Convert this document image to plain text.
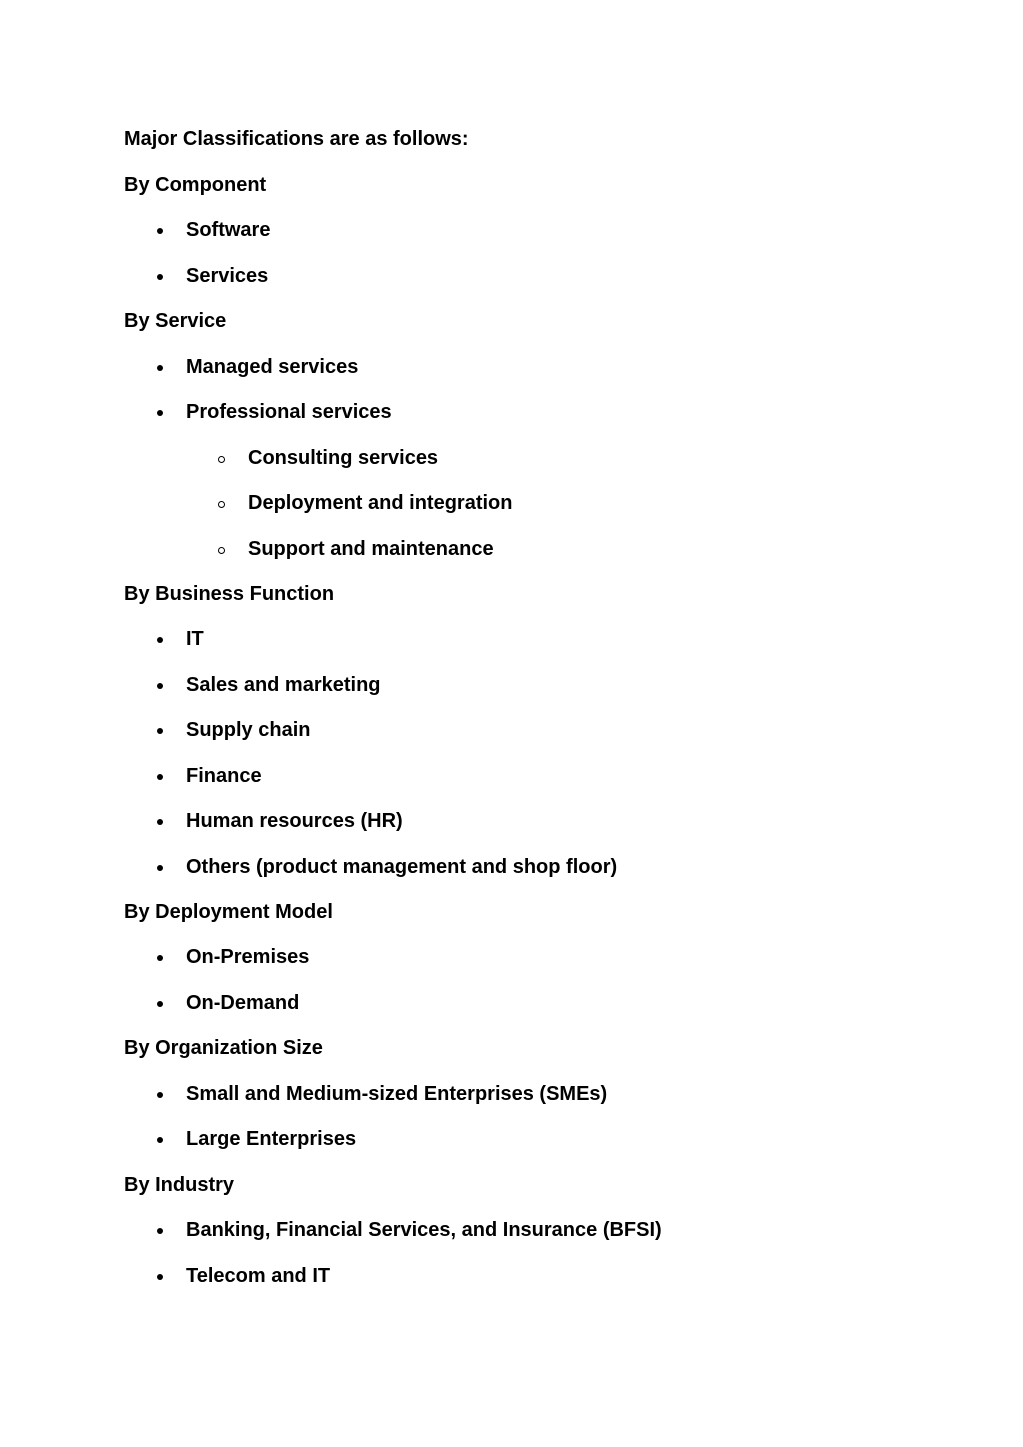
Major Classifications are as follows:
By Component
Software
Services
By Service
Managed services
Professional services
Consulting services
Deployment and integration
Support and maintenance
By Business Function
IT
Sales and marketing
Supply chain
Finance
Human resources (HR)
Others (product management and shop floor)
By Deployment Model
On-Premises
On-Demand
By Organization Size
Small and Medium-sized Enterprises (SMEs)
Large Enterprises
By Industry
Banking, Financial Services, and Insurance (BFSI)
Telecom and IT
